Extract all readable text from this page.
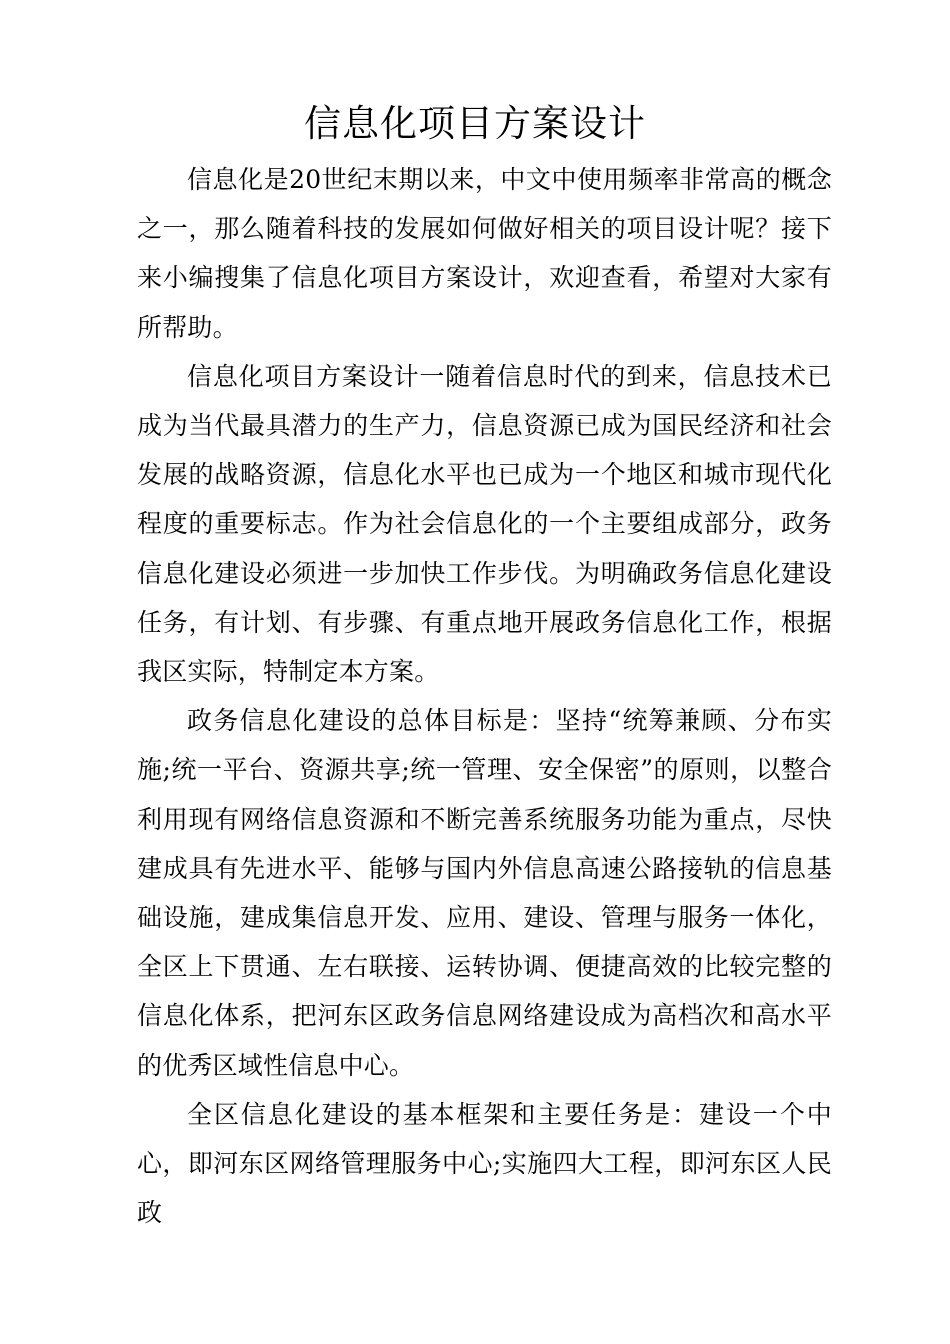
信息化项目方案设计

信息化是20世纪末期以来，中文中使用频率非常高的概念之一，那么随着科技的发展如何做好相关的项目设计呢？接下来小编搜集了信息化项目方案设计，欢迎查看，希望对大家有所帮助。

信息化项目方案设计一随着信息时代的到来，信息技术已成为当代最具潜力的生产力，信息资源已成为国民经济和社会发展的战略资源，信息化水平也已成为一个地区和城市现代化程度的重要标志。作为社会信息化的一个主要组成部分，政务信息化建设必须进一步加快工作步伐。为明确政务信息化建设任务，有计划、有步骤、有重点地开展政务信息化工作，根据我区实际，特制定本方案。

政务信息化建设的总体目标是：坚持“统筹兼顾、分布实施;统一平台、资源共享;统一管理、安全保密”的原则，以整合利用现有网络信息资源和不断完善系统服务功能为重点，尽快建成具有先进水平、能够与国内外信息高速公路接轨的信息基础设施，建成集信息开发、应用、建设、管理与服务一体化，全区上下贯通、左右联接、运转协调、便捷高效的比较完整的信息化体系，把河东区政务信息网络建设成为高档次和高水平的优秀区域性信息中心。

全区信息化建设的基本框架和主要任务是：建设一个中心，即河东区网络管理服务中心;实施四大工程，即河东区人民政
